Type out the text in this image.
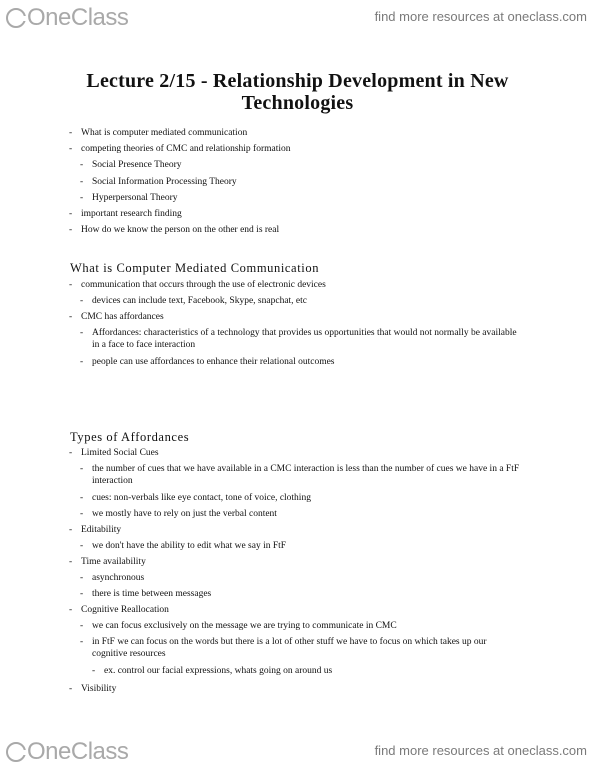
OneClass	find more resources at oneclass.com
Lecture 2/15 - Relationship Development in New Technologies
- What is computer mediated communication
- competing theories of CMC and relationship formation
- Social Presence Theory
- Social Information Processing Theory
- Hyperpersonal Theory
- important research finding
- How do we know the person on the other end is real
What is Computer Mediated Communication
- communication that occurs through the use of electronic devices
- devices can include text, Facebook, Skype, snapchat, etc
- CMC has affordances
- Affordances: characteristics of a technology that provides us opportunities that would not normally be available in a face to face interaction
- people can use affordances to enhance their relational outcomes
Types of Affordances
- Limited Social Cues
- the number of cues that we have available in a CMC interaction is less than the number of cues we have in a FtF interaction
- cues: non-verbals like eye contact, tone of voice, clothing
- we mostly have to rely on just the verbal content
- Editability
- we don't have the ability to edit what we say in FtF
- Time availability
- asynchronous
- there is time between messages
- Cognitive Reallocation
- we can focus exclusively on the message we are trying to communicate in CMC
- in FtF we can focus on the words but there is a lot of other stuff we have to focus on which takes up our cognitive resources
- ex. control our facial expressions, whats going on around us
- Visibility
OneClass	find more resources at oneclass.com
